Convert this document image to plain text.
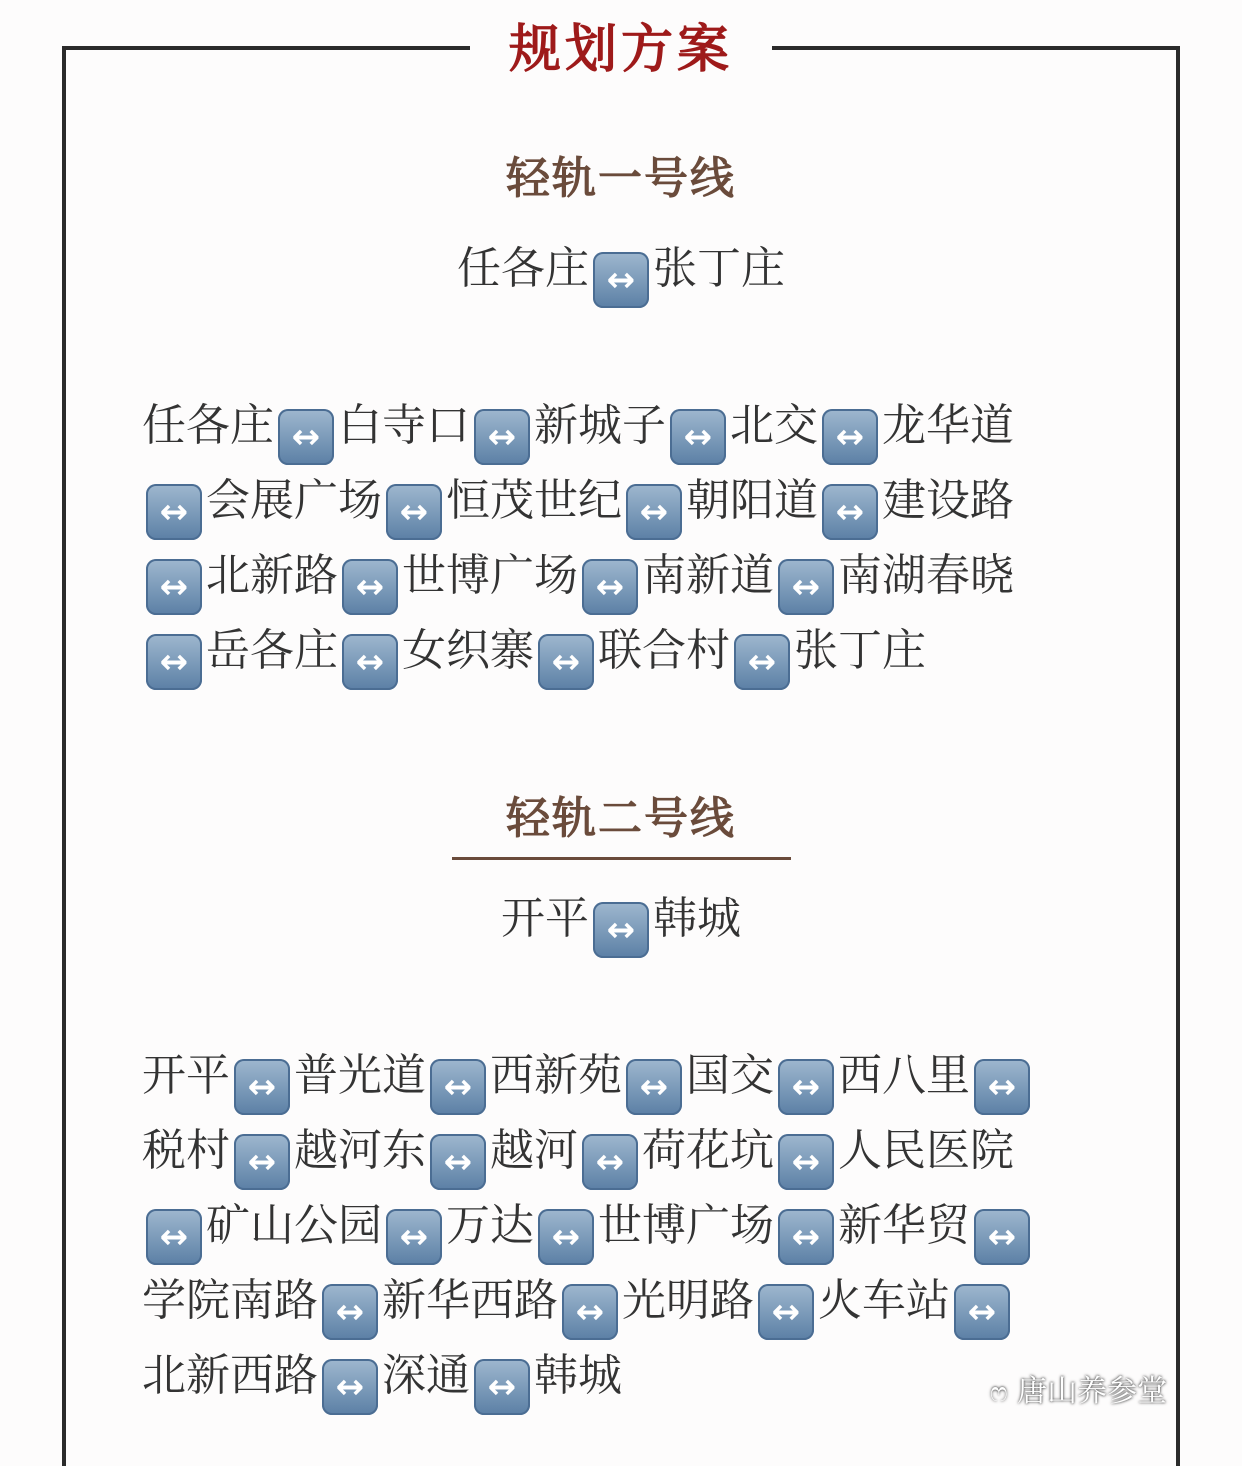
规划方案
轻轨一号线
任各庄 ↔ 张丁庄
任各庄 ↔ 白寺口 ↔ 新城子 ↔ 北交 ↔ 龙华道
↔ 会展广场 ↔ 恒茂世纪 ↔ 朝阳道 ↔ 建设路
↔ 北新路 ↔ 世博广场 ↔ 南新道 ↔ 南湖春晓
↔ 岳各庄 ↔ 女织寨 ↔ 联合村 ↔ 张丁庄
轻轨二号线
开平 ↔ 韩城
开平 ↔ 普光道 ↔ 西新苑 ↔ 国交 ↔ 西八里 ↔
税村 ↔ 越河东 ↔ 越河 ↔ 荷花坑 ↔ 人民医院
↔ 矿山公园 ↔ 万达 ↔ 世博广场 ↔ 新华贸 ↔
学院南路 ↔ 新华西路 ↔ 光明路 ↔ 火车站 ↔
北新西路 ↔ 深通 ↔ 韩城	ෆ 唐山养参堂
